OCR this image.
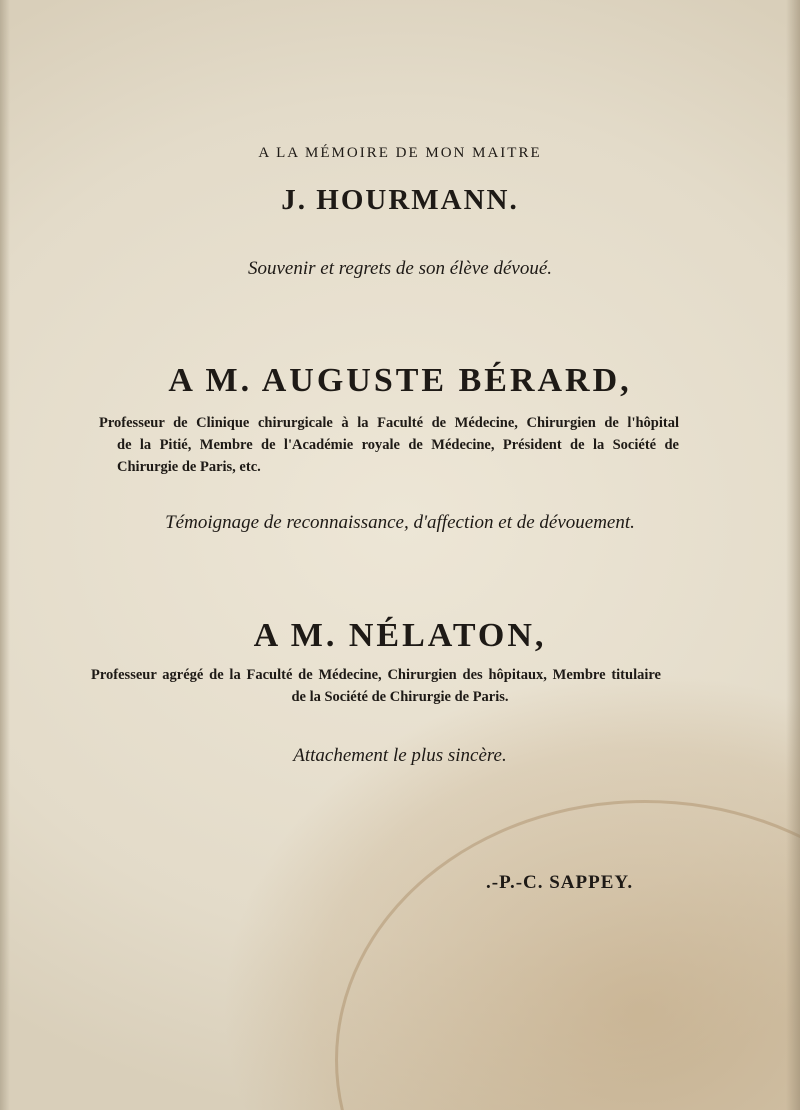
A LA MÉMOIRE DE MON MAITRE
J. HOURMANN.
Souvenir et regrets de son élève dévoué.
A M. AUGUSTE BÉRARD,
Professeur de Clinique chirurgicale à la Faculté de Médecine, Chirurgien de l'hôpital
de la Pitié, Membre de l'Académie royale de Médecine, Président de la Société de
Chirurgie de Paris, etc.
Témoignage de reconnaissance, d'affection et de dévouement.
A M. NÉLATON,
Professeur agrégé de la Faculté de Médecine, Chirurgien des hôpitaux, Membre titulaire
de la Société de Chirurgie de Paris.
Attachement le plus sincère.
.-P.-C. SAPPEY.
